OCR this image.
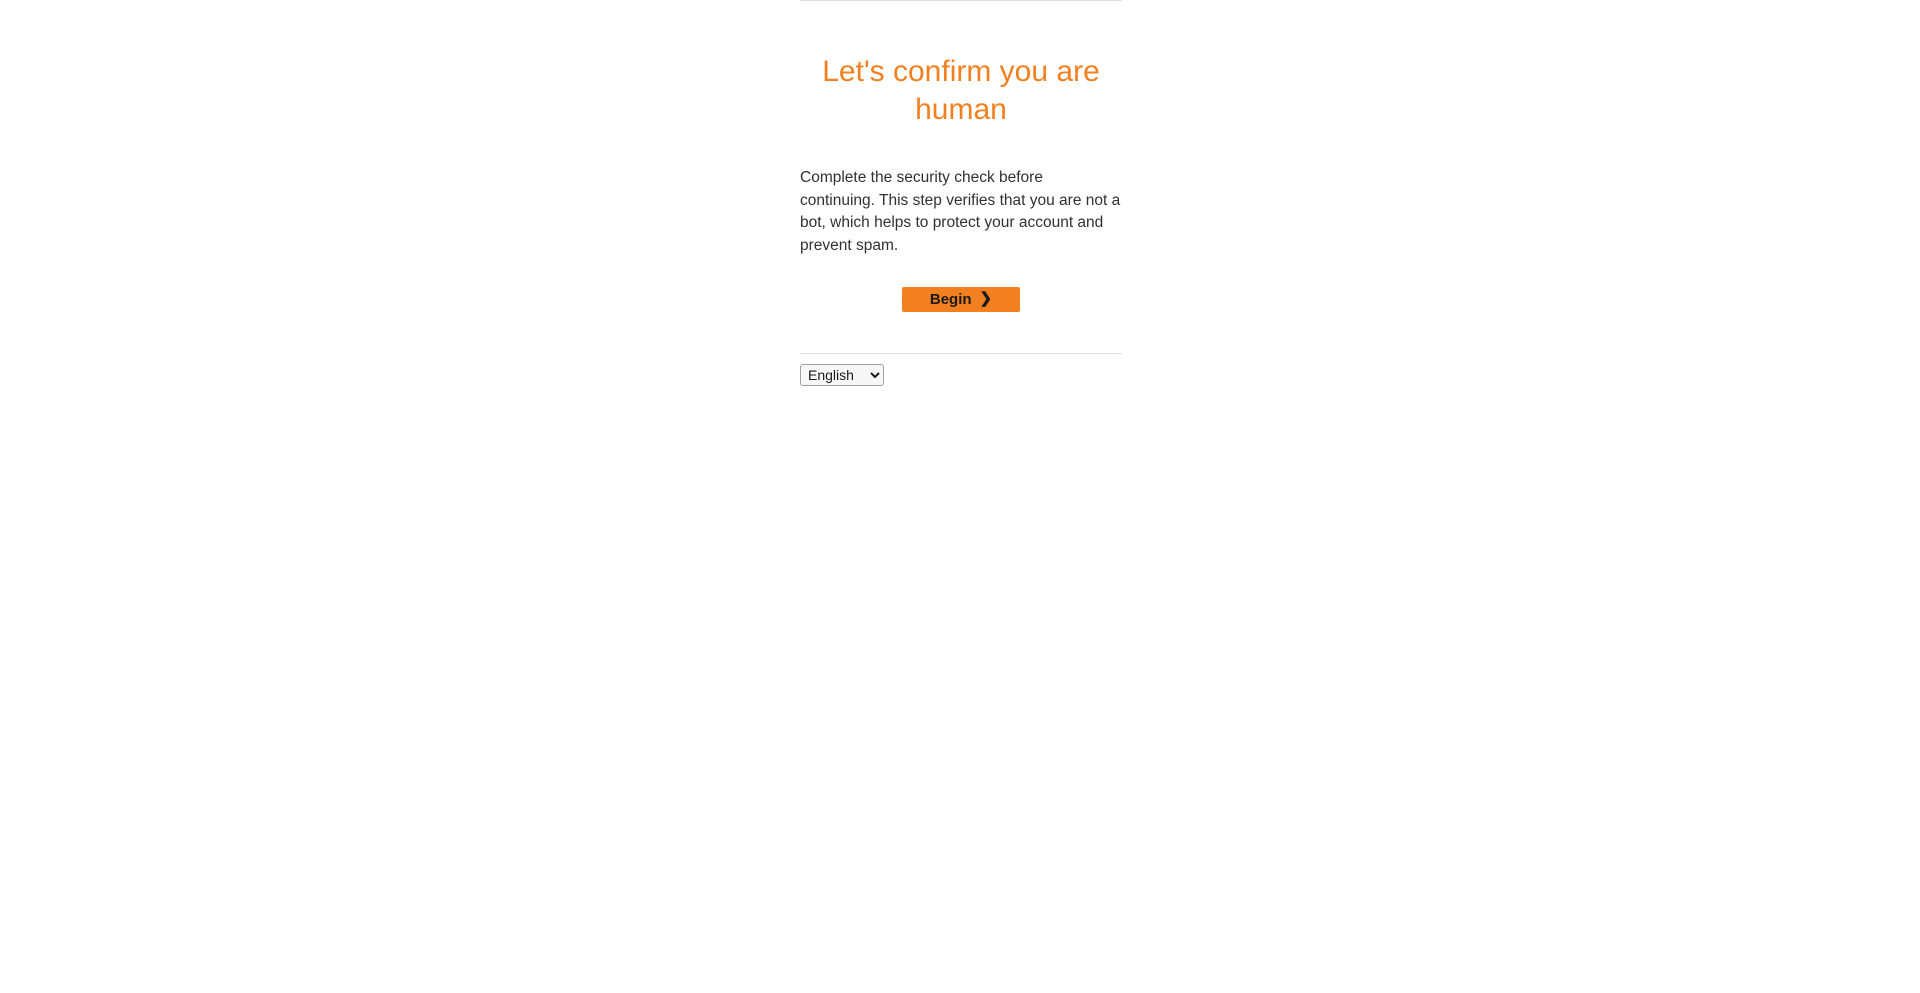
Let's confirm you are human

Complete the security check before continuing. This step verifies that you are not a bot, which helps to protect your account and prevent spam.

Begin ❯
English
